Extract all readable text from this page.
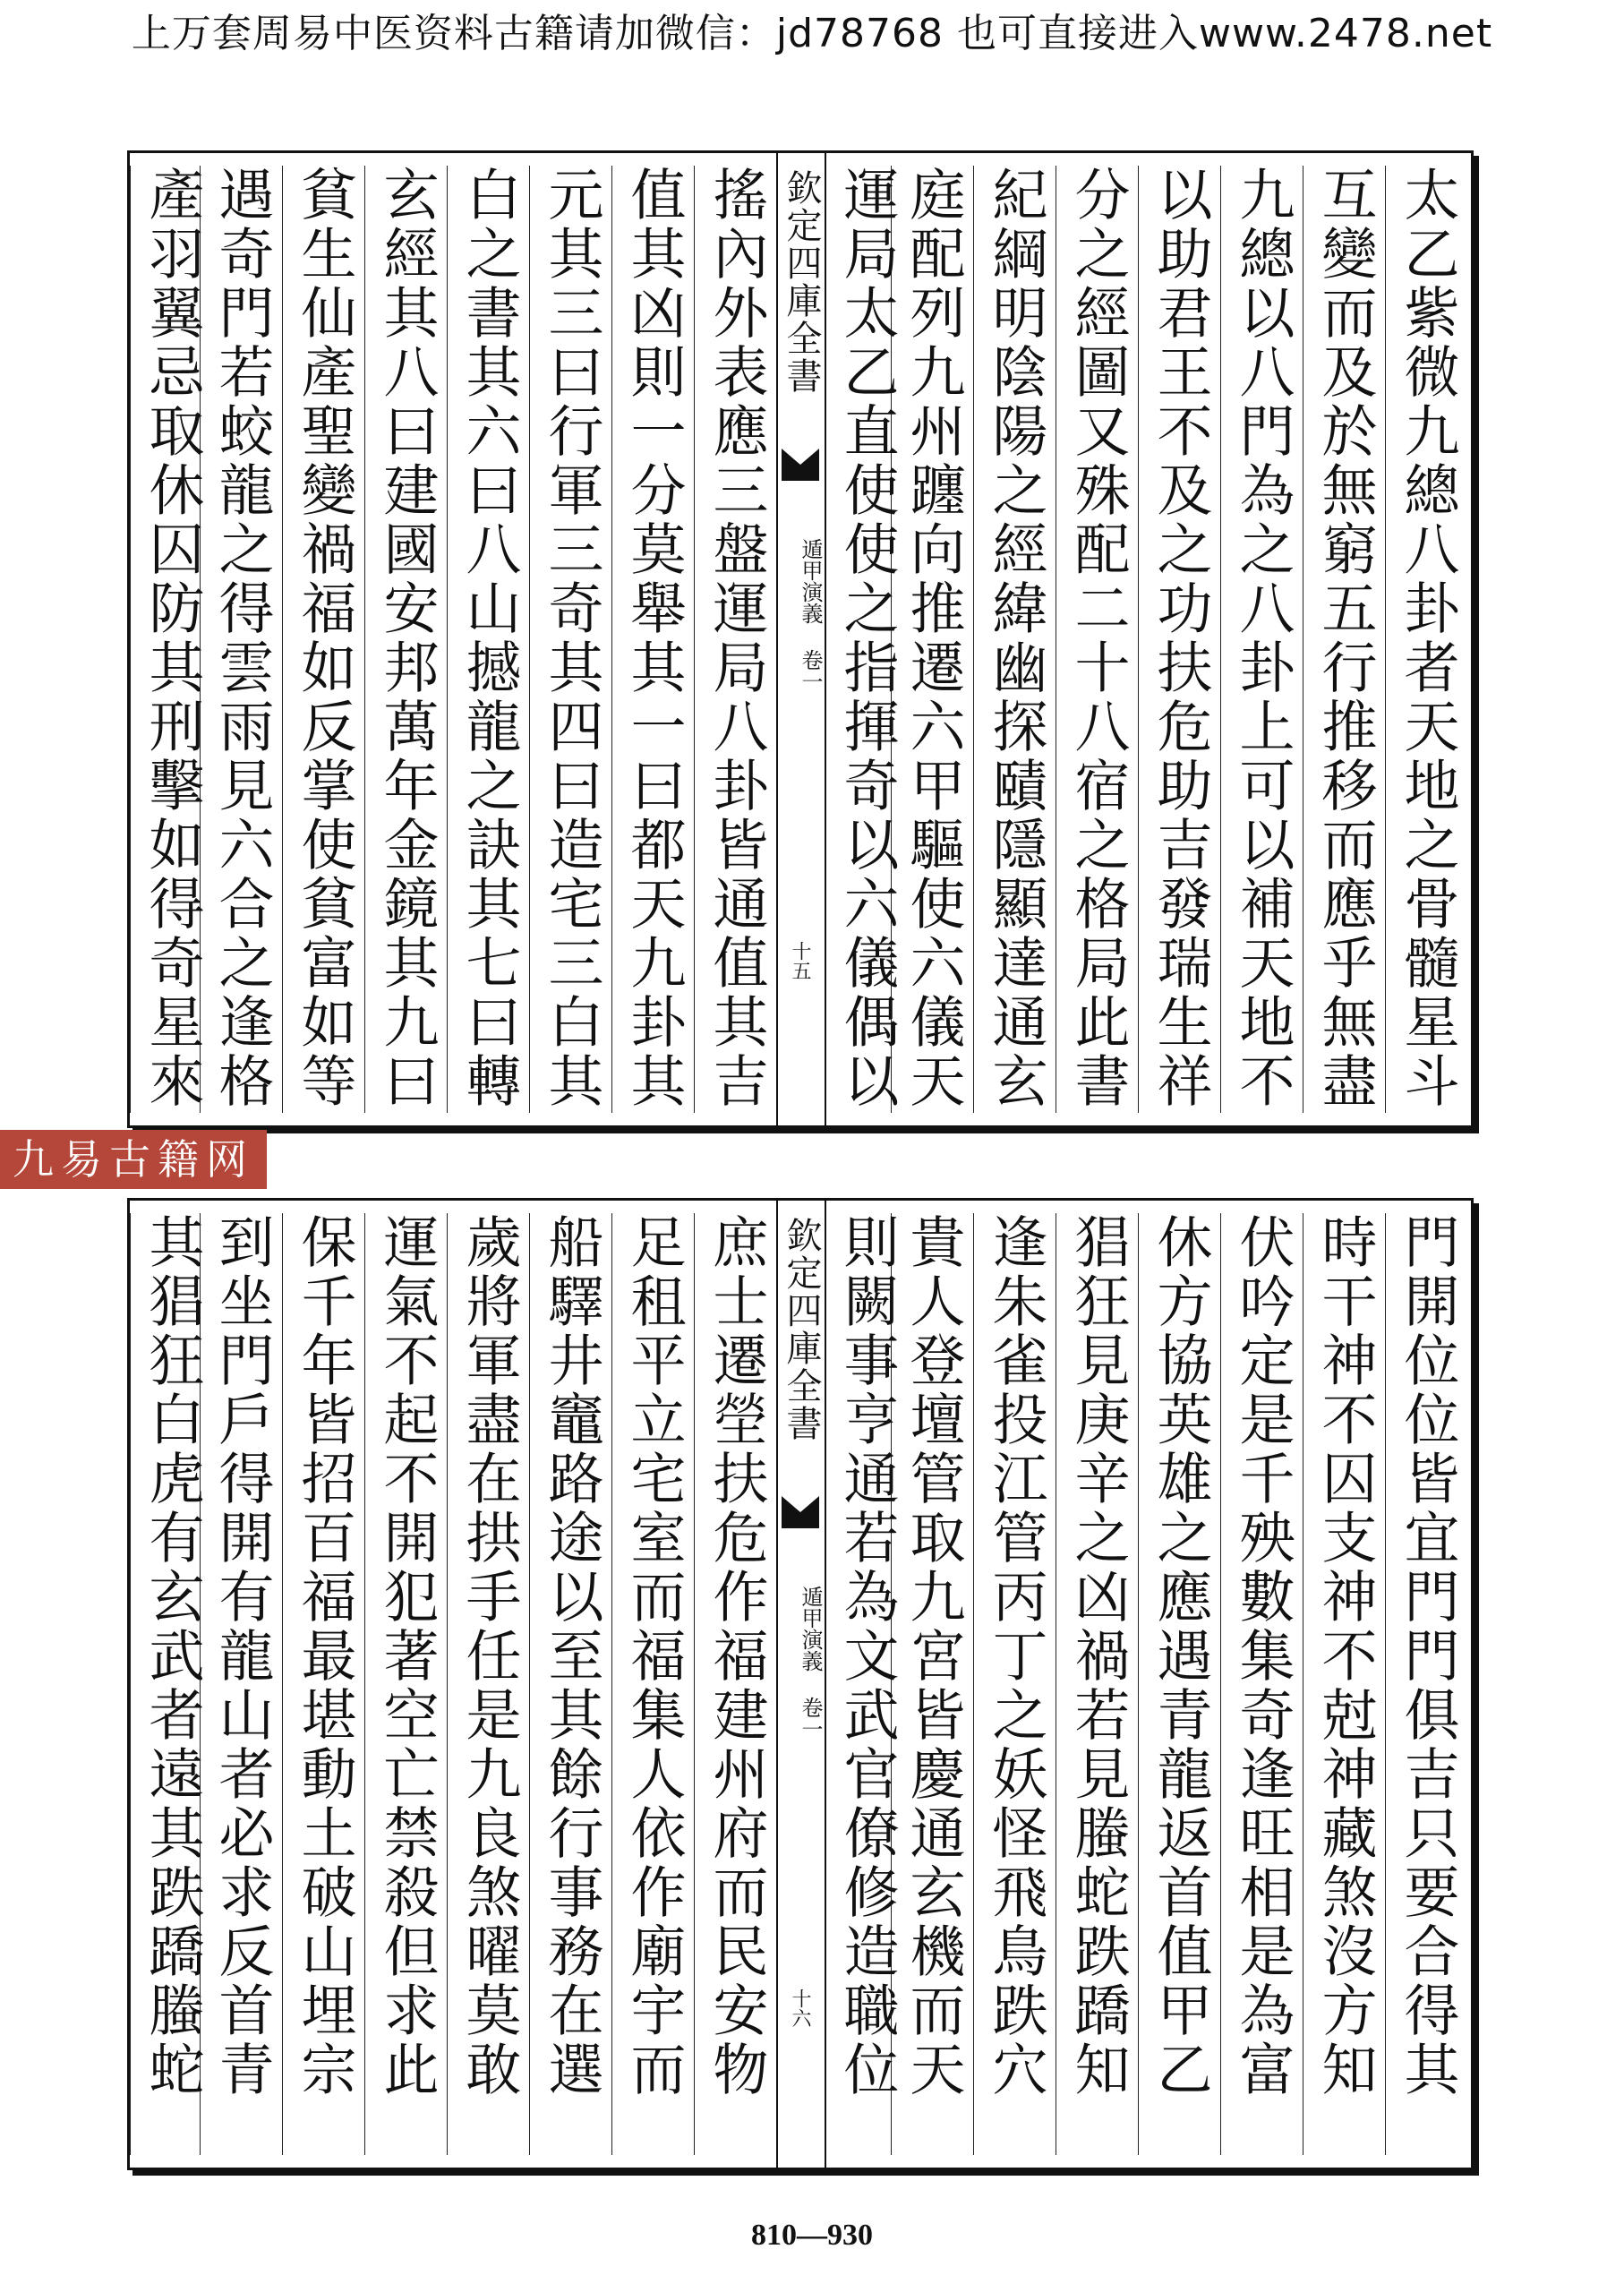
上万套周易中医资料古籍请加微信：jd78768 也可直接进入www.2478.net
太乙紫微九總八卦者天地之骨髓星斗
互變而及於無窮五行推移而應乎無盡
九總以八門為之八卦上可以補天地不
以助君王不及之功扶危助吉發瑞生祥
分之經圖又殊配二十八宿之格局此書
紀綱明陰陽之經緯幽探賾隱顯達通玄
庭配列九州躔向推遷六甲驅使六儀天
運局太乙直使使之指揮奇以六儀偶以
欽定四庫全書
遁甲演義 卷一
十五
搖內外表應三盤運局八卦皆通值其吉
值其凶則一分莫舉其一曰都天九卦其
元其三曰行軍三奇其四曰造宅三白其
白之書其六曰八山撼龍之訣其七曰轉
玄經其八曰建國安邦萬年金鏡其九曰
貧生仙產聖變禍福如反掌使貧富如等
遇奇門若蛟龍之得雲雨見六合之逢格
產羽翼忌取休囚防其刑擊如得奇星來
九易古籍网
門開位位皆宜門門俱吉只要合得其
時干神不囚支神不尅神藏煞沒方知
伏吟定是千殃數集奇逢旺相是為富
休方協英雄之應遇青龍返首值甲乙
猖狂見庚辛之凶禍若見螣蛇跌蹻知
逢朱雀投江管丙丁之妖怪飛鳥跌穴
貴人登壇管取九宮皆慶通玄機而天
則闕事亨通若為文武官僚修造職位
欽定四庫全書
遁甲演義 卷一
十六
庶士遷塋扶危作福建州府而民安物
足租平立宅室而福集人依作廟宇而
船驛井竈路途以至其餘行事務在選
歲將軍盡在拱手任是九良煞曜莫敢
運氣不起不開犯著空亡禁殺但求此
保千年皆招百福最堪動土破山埋宗
到坐門戶得開有龍山者必求反首青
其猖狂白虎有玄武者遠其跌蹻螣蛇
810—930
